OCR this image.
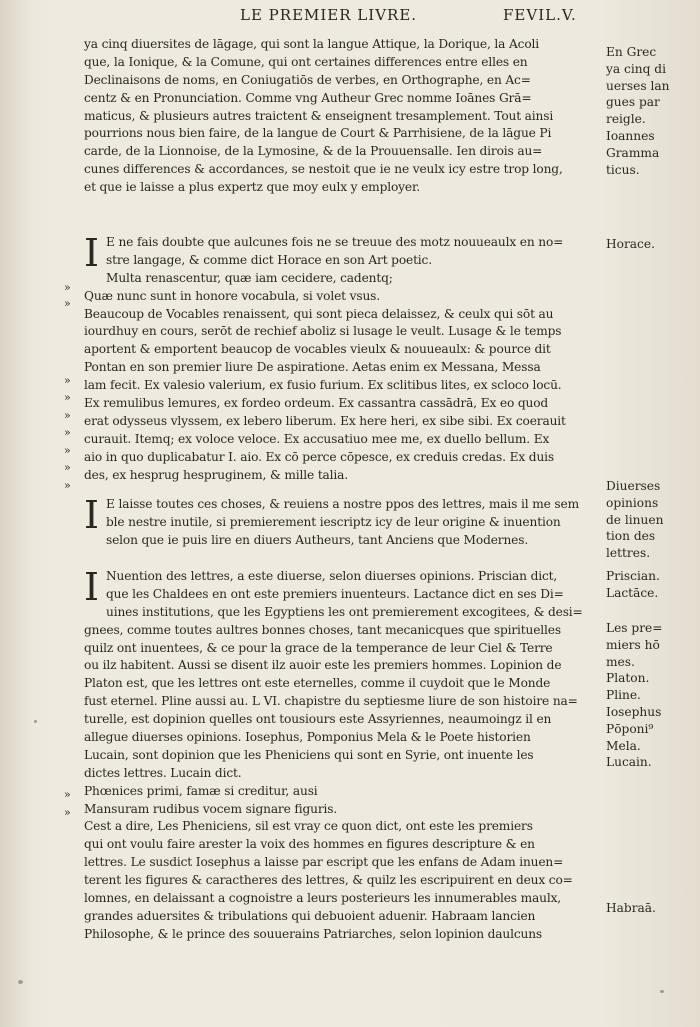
LE PREMIER LIVRE.	FEVIL.V.
ya cinq diuersites de lāgage, qui sont la langue Attique, la Dorique, la Acoli
que, la Ionique, & la Comune, qui ont certaines differences entre elles en
Declinaisons de noms, en Coniugatiōs de verbes, en Orthographe, en Ac=
centz & en Pronunciation. Comme vng Autheur Grec nomme Ioānes Grā=
maticus, & plusieurs autres traictent & enseignent tresamplement. Tout ainsi
pourrions nous bien faire, de la langue de Court & Parrhisiene, de la lāgue Pi
carde, de la Lionnoise, de la Lymosine, & de la Prouuensalle. Ien dirois au=
cunes differences & accordances, se nestoit que ie ne veulx icy estre trop long,
et que ie laisse a plus expertz que moy eulx y employer.
I E ne fais doubte que aulcunes fois ne se treuue des motz nouueaulx en no=
stre langage, & comme dict Horace en son Art poetic.
Multa renascentur, quæ iam cecidere, cadentq;
Quæ nunc sunt in honore vocabula, si volet vsus.
Beaucoup de Vocables renaissent, qui sont pieca delaissez, & ceulx qui sōt au
iourdhuy en cours, serōt de rechief aboliz si lusage le veult. Lusage & le temps
aportent & emportent beaucop de vocables vieulx & nouueaulx: & pource dit
Pontan en son premier liure De aspiratione. Aetas enim ex Messana, Messa
lam fecit. Ex valesio valerium, ex fusio furium. Ex sclitibus lites, ex scloco locū.
Ex remulibus lemures, ex fordeo ordeum. Ex cassantra cassādrā, Ex eo quod
erat odysseus vlyssem, ex lebero liberum. Ex here heri, ex sibe sibi. Ex coerauit
curauit. Itemq; ex voloce veloce. Ex accusatiuo mee me, ex duello bellum. Ex
aio in quo duplicabatur I. aio. Ex cō perce cōpesce, ex creduis credas. Ex duis
des, ex hesprug hespruginem, & mille talia.
I E laisse toutes ces choses, & reuiens a nostre ppos des lettres, mais il me sem
ble nestre inutile, si premierement iescriptz icy de leur origine & inuention
selon que ie puis lire en diuers Autheurs, tant Anciens que Modernes.
I Nuention des lettres, a este diuerse, selon diuerses opinions. Priscian dict,
que les Chaldees en ont este premiers inuenteurs. Lactance dict en ses Di=
uines institutions, que les Egyptiens les ont premierement excogitees, & desi=
gnees, comme toutes aultres bonnes choses, tant mecanicques que spirituelles
quilz ont inuentees, & ce pour la grace de la temperance de leur Ciel & Terre
ou ilz habitent. Aussi se disent ilz auoir este les premiers hommes. Lopinion de
Platon est, que les lettres ont este eternelles, comme il cuydoit que le Monde
fust eternel. Pline aussi au. L VI. chapistre du septiesme liure de son histoire na=
turelle, est dopinion quelles ont tousiours este Assyriennes, neaumoingz il en
allegue diuerses opinions. Iosephus, Pomponius Mela & le Poete historien
Lucain, sont dopinion que les Pheniciens qui sont en Syrie, ont inuente les
dictes lettres. Lucain dict.
Phœnices primi, famæ si creditur, ausi
Mansuram rudibus vocem signare figuris.
Cest a dire, Les Pheniciens, sil est vray ce quon dict, ont este les premiers
qui ont voulu faire arester la voix des hommes en figures descripture & en
lettres. Le susdict Iosephus a laisse par escript que les enfans de Adam inuen=
terent les figures & caractheres des lettres, & quilz les escripuirent en deux co=
lomnes, en delaissant a cognoistre a leurs posterieurs les innumerables maulx,
grandes aduersites & tribulations qui debuoient aduenir. Habraam lancien
Philosophe, & le prince des souuerains Patriarches, selon lopinion daulcuns
En Grec
ya cinq di
uerses lan
gues par
reigle.
Ioannes
Gramma
ticus.
Horace.
Diuerses
opinions
de linuen
tion des
lettres.
Priscian.
Lactāce.
Les pre=
miers hō
mes.
Platon.
Pline.
Iosephus
Pōponi⁹
Mela.
Lucain.
Habraā.
»
»
»
»
»
»
»
»
»
»
»
